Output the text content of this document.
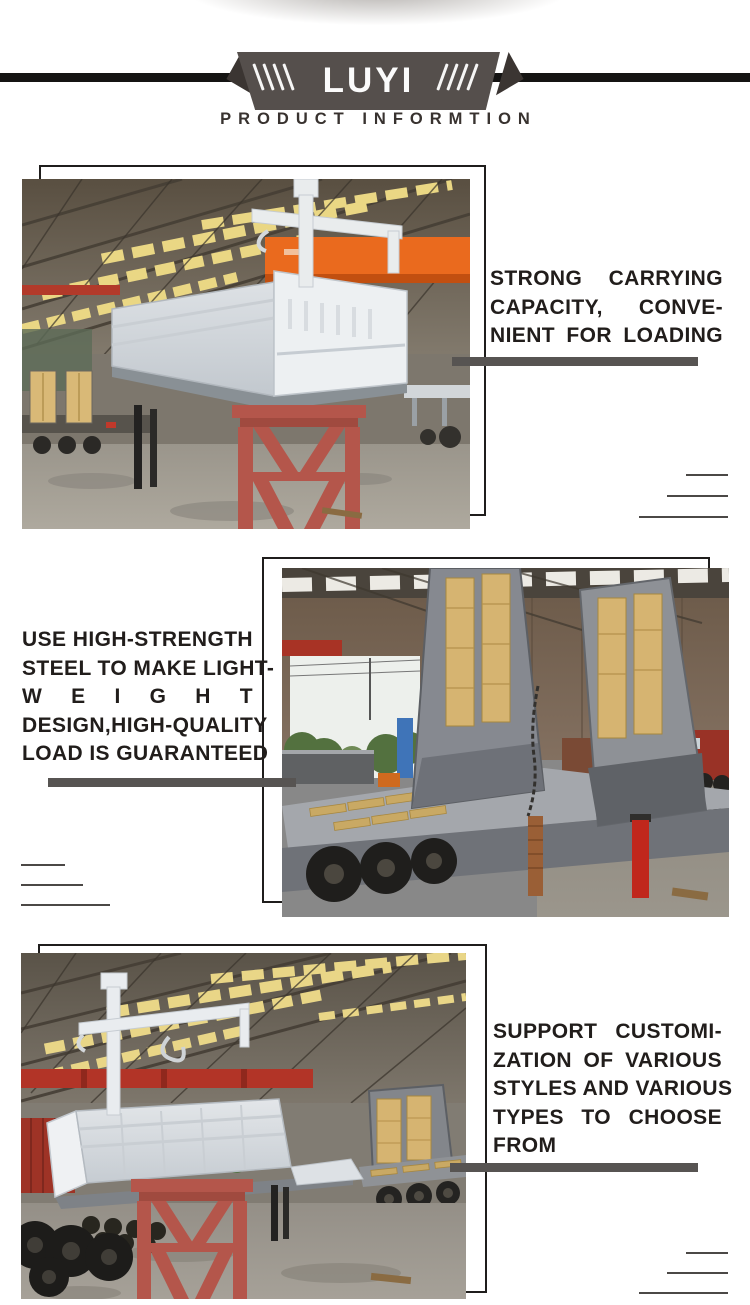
LUYI
PRODUCT INFORMTION
STRONG CARRYING
CAPACITY, CONVE-
NIENT FOR LOADING
USE HIGH-STRENGTH
STEEL TO MAKE LIGHT-
W E I G H T
DESIGN,HIGH-QUALITY
LOAD IS GUARANTEED
SUPPORT CUSTOMI-
ZATION OF VARIOUS
STYLES AND VARIOUS
TYPES TO CHOOSE
FROM
